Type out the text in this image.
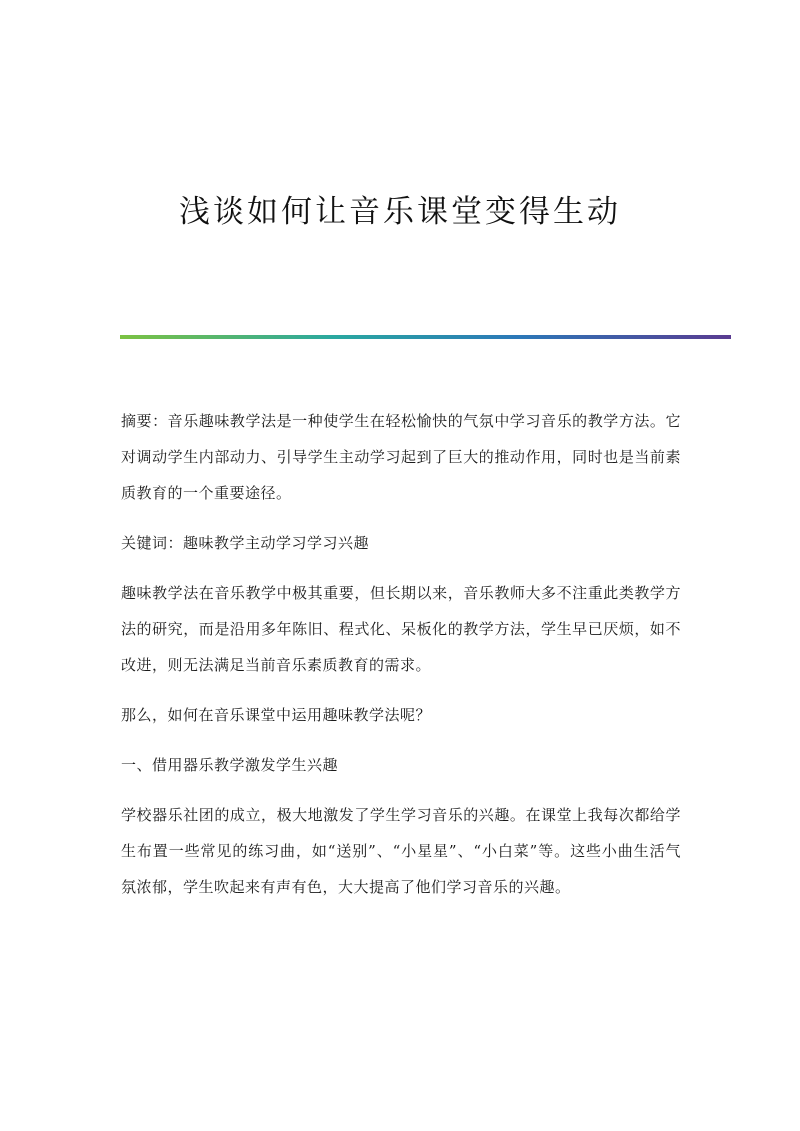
浅谈如何让音乐课堂变得生动

摘要：音乐趣味教学法是一种使学生在轻松愉快的气氛中学习音乐的教学方法。它对调动学生内部动力、引导学生主动学习起到了巨大的推动作用，同时也是当前素质教育的一个重要途径。

关键词：趣味教学主动学习学习兴趣

趣味教学法在音乐教学中极其重要，但长期以来，音乐教师大多不注重此类教学方法的研究，而是沿用多年陈旧、程式化、呆板化的教学方法，学生早已厌烦，如不改进，则无法满足当前音乐素质教育的需求。

那么，如何在音乐课堂中运用趣味教学法呢？

一、借用器乐教学激发学生兴趣

学校器乐社团的成立，极大地激发了学生学习音乐的兴趣。在课堂上我每次都给学生布置一些常见的练习曲，如“送别”、“小星星”、“小白菜”等。这些小曲生活气氛浓郁，学生吹起来有声有色，大大提高了他们学习音乐的兴趣。
